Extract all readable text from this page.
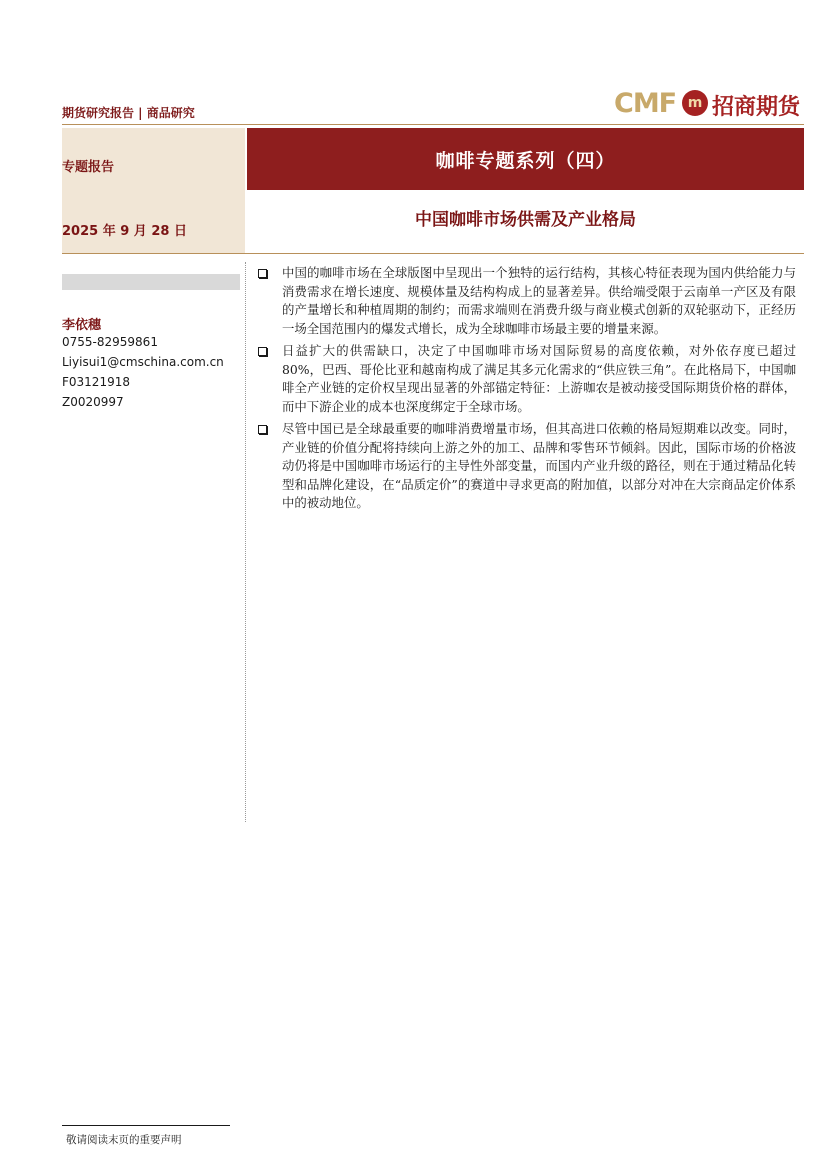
期货研究报告 | 商品研究	CMF m 招商期货
专题报告
2025 年 9 月 28 日
咖啡专题系列（四）
中国咖啡市场供需及产业格局
李依穗
0755-82959861
Liyisui1@cmschina.com.cn
F03121918
Z0020997
中国的咖啡市场在全球版图中呈现出一个独特的运行结构，其核心特征表现为国内供给能力与消费需求在增长速度、规模体量及结构构成上的显著差异。供给端受限于云南单一产区及有限的产量增长和种植周期的制约；而需求端则在消费升级与商业模式创新的双轮驱动下，正经历一场全国范围内的爆发式增长，成为全球咖啡市场最主要的增量来源。
日益扩大的供需缺口，决定了中国咖啡市场对国际贸易的高度依赖，对外依存度已超过 80%，巴西、哥伦比亚和越南构成了满足其多元化需求的“供应铁三角”。在此格局下，中国咖啡全产业链的定价权呈现出显著的外部锚定特征：上游咖农是被动接受国际期货价格的群体，而中下游企业的成本也深度绑定于全球市场。
尽管中国已是全球最重要的咖啡消费增量市场，但其高进口依赖的格局短期难以改变。同时，产业链的价值分配将持续向上游之外的加工、品牌和零售环节倾斜。因此，国际市场的价格波动仍将是中国咖啡市场运行的主导性外部变量，而国内产业升级的路径，则在于通过精品化转型和品牌化建设，在“品质定价”的赛道中寻求更高的附加值，以部分对冲在大宗商品定价体系中的被动地位。
敬请阅读末页的重要声明
